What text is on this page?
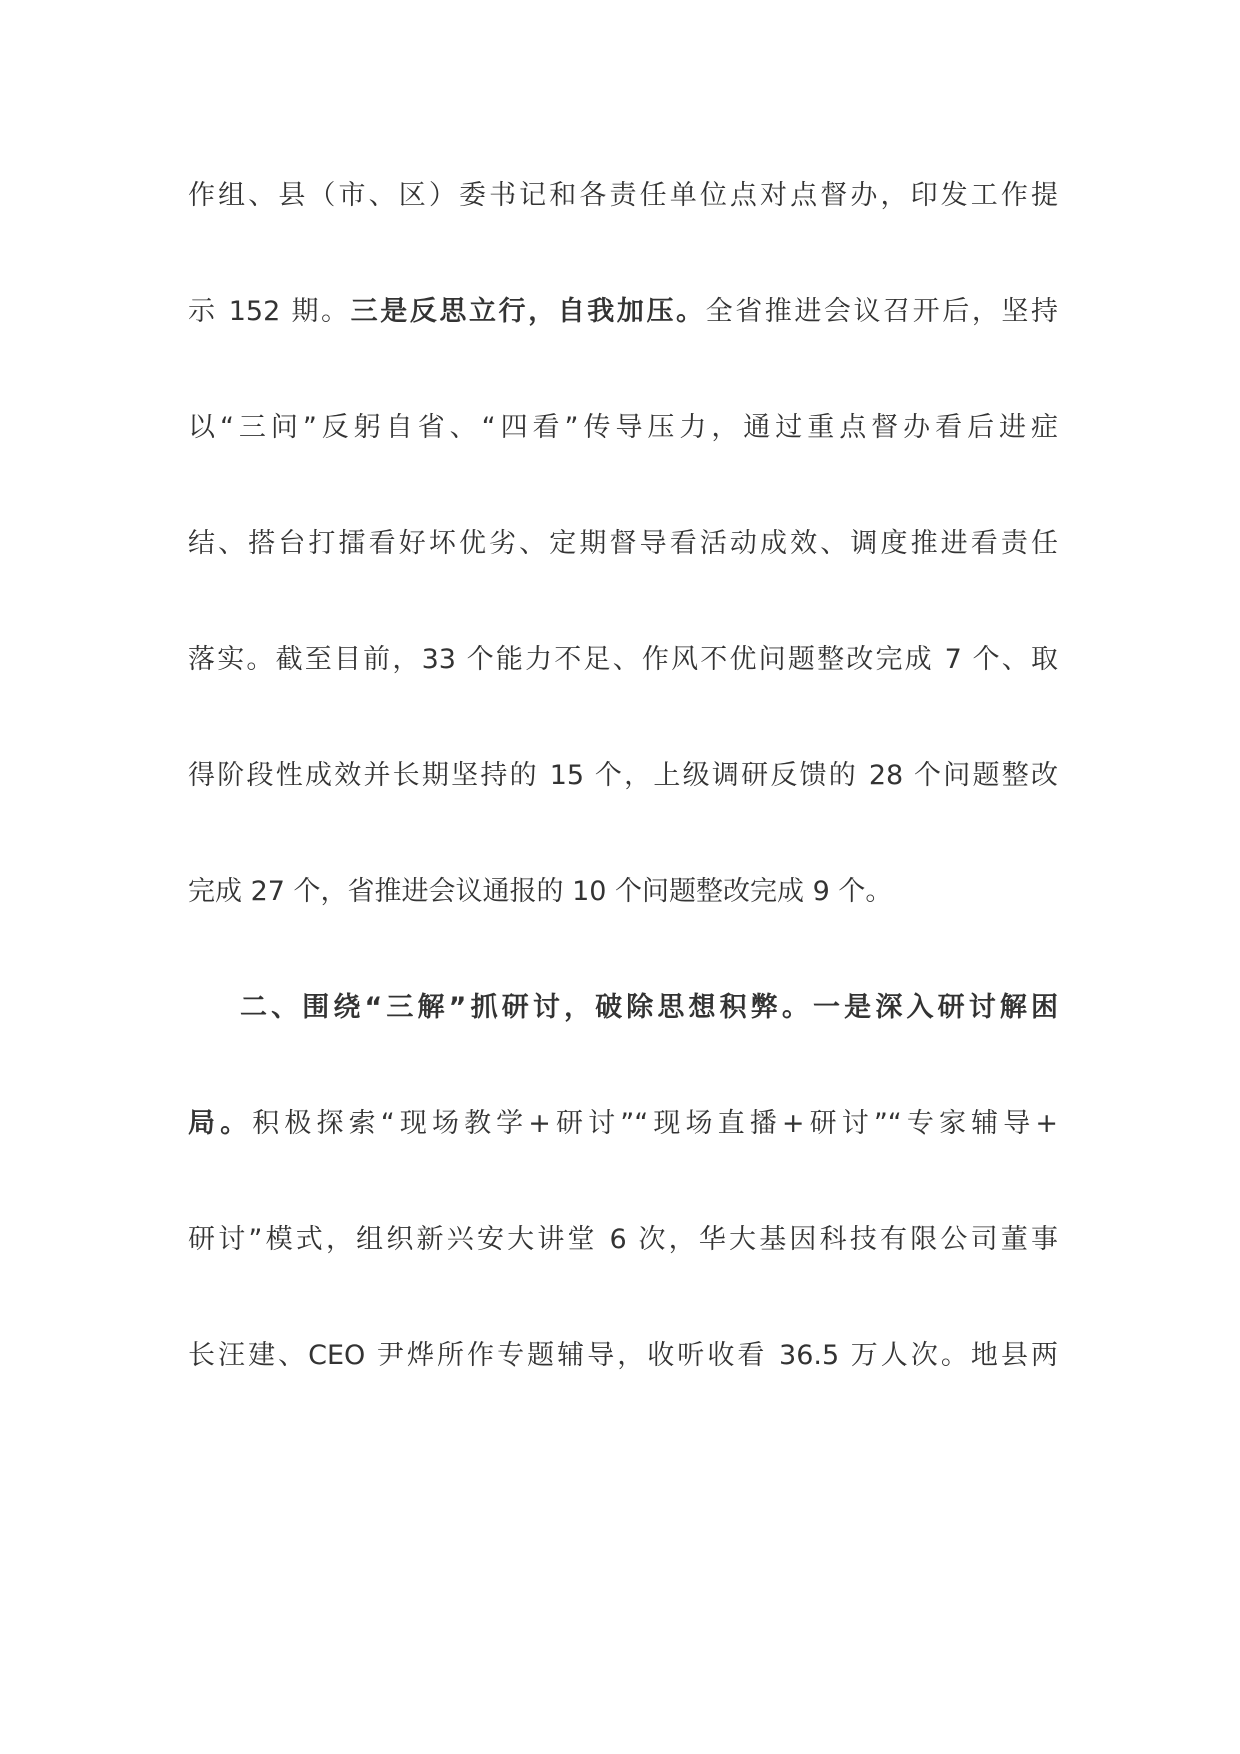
作组、县（市、区）委书记和各责任单位点对点督办，印发工作提

示 152 期。三是反思立行，自我加压。全省推进会议召开后，坚持

以“三问”反躬自省、“四看”传导压力，通过重点督办看后进症

结、搭台打擂看好坏优劣、定期督导看活动成效、调度推进看责任

落实。截至目前，33 个能力不足、作风不优问题整改完成 7 个、取

得阶段性成效并长期坚持的 15 个，上级调研反馈的 28 个问题整改

完成 27 个，省推进会议通报的 10 个问题整改完成 9 个。

二、围绕“三解”抓研讨，破除思想积弊。一是深入研讨解困

局。积极探索“现场教学+研讨”“现场直播+研讨”“专家辅导+

研讨”模式，组织新兴安大讲堂 6 次，华大基因科技有限公司董事

长汪建、CEO 尹烨所作专题辅导，收听收看 36.5 万人次。地县两
